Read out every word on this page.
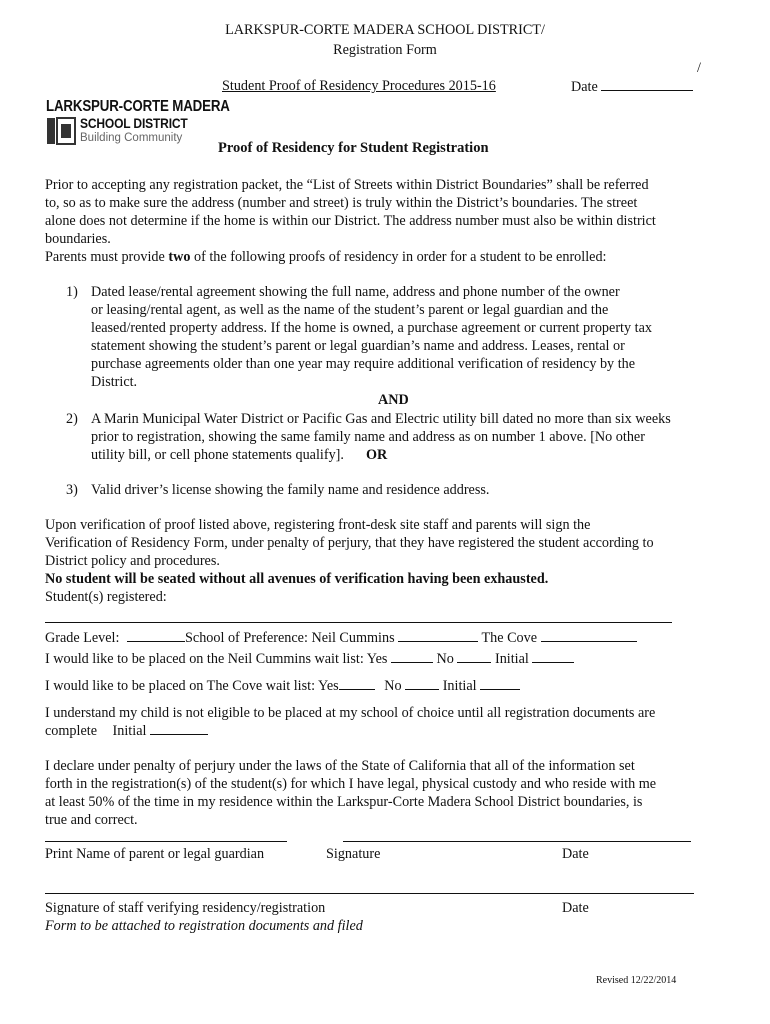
LARKSPUR-CORTE MADERA SCHOOL DISTRICT/
Registration Form
/
Student Proof of Residency Procedures 2015-16	Date
LARKSPUR-CORTE MADERA
SCHOOL DISTRICT
Building Community
Proof of Residency for Student Registration

Prior to accepting any registration packet, the “List of Streets within District Boundaries” shall be referred

to, so as to make sure the address (number and street) is truly within the District’s boundaries. The street

alone does not determine if the home is within our District. The address number must also be within district

boundaries.

Parents must provide two of the following proofs of residency in order for a student to be enrolled:

1) Dated lease/rental agreement showing the full name, address and phone number of the owner
or leasing/rental agent, as well as the name of the student’s parent or legal guardian and the
leased/rented property address. If the home is owned, a purchase agreement or current property tax
statement showing the student’s parent or legal guardian’s name and address. Leases, rental or
purchase agreements older than one year may require additional verification of residency by the
District.
AND
2) A Marin Municipal Water District or Pacific Gas and Electric utility bill dated no more than six weeks
prior to registration, showing the same family name and address as on number 1 above. [No other
utility bill, or cell phone statements qualify]. OR
3) Valid driver’s license showing the family name and residence address.

Upon verification of proof listed above, registering front-desk site staff and parents will sign the

Verification of Residency Form, under penalty of perjury, that they have registered the student according to

District policy and procedures.

No student will be seated without all avenues of verification having been exhausted.

Student(s) registered:

Grade Level:	School of Preference: Neil Cummins	The Cove
I would like to be placed on the Neil Cummins wait list: Yes	No	Initial
I would like to be placed on The Cove wait list: Yes	No	Initial

I understand my child is not eligible to be placed at my school of choice until all registration documents are

complete Initial

I declare under penalty of perjury under the laws of the State of California that all of the information set

forth in the registration(s) of the student(s) for which I have legal, physical custody and who reside with me

at least 50% of the time in my residence within the Larkspur-Corte Madera School District boundaries, is

true and correct.

Print Name of parent or legal guardian	Signature	Date
Signature of staff verifying residency/registration	Date
Form to be attached to registration documents and filed
Revised 12/22/2014
